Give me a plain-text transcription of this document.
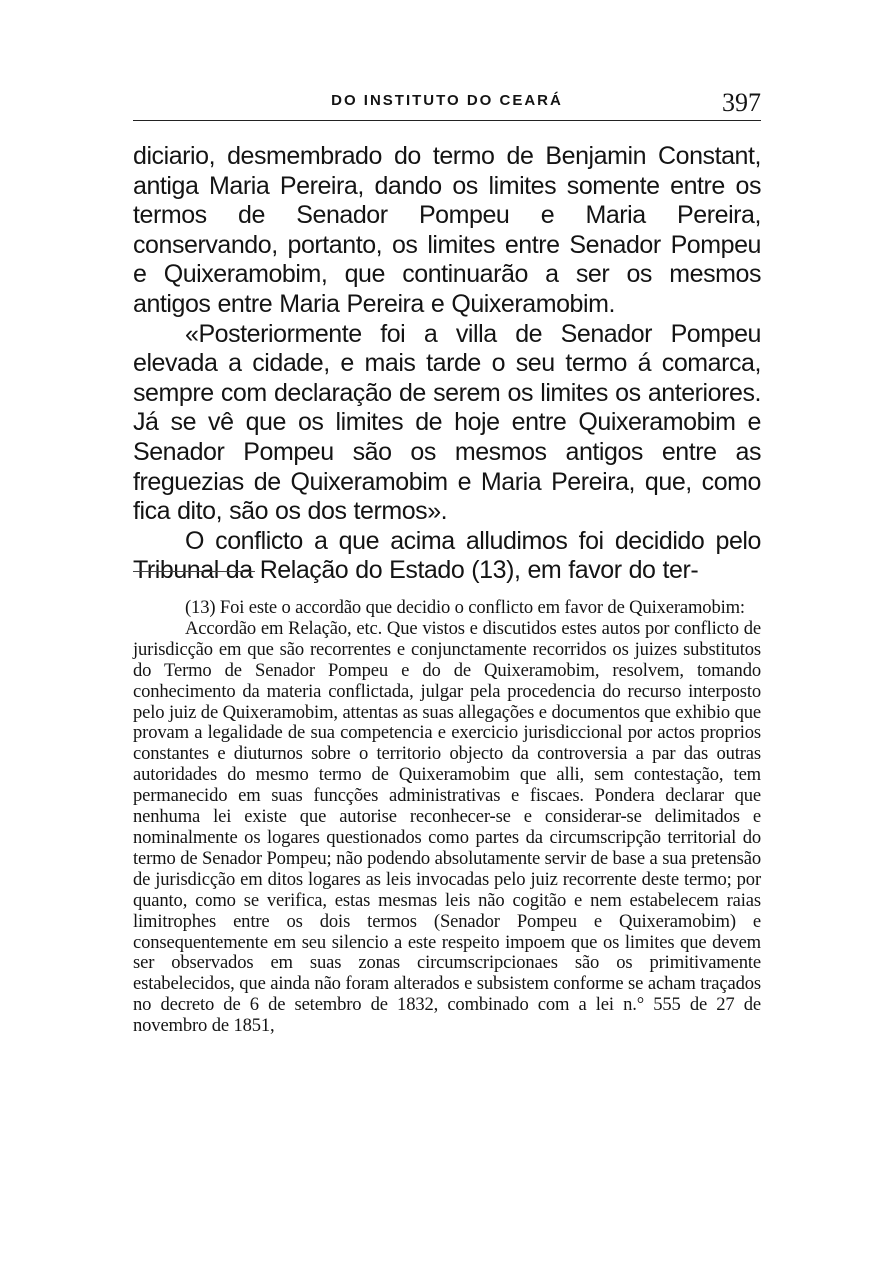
DO INSTITUTO DO CEARÁ	397

diciario, desmembrado do termo de Benjamin Constant, antiga Maria Pereira, dando os limites somente entre os termos de Senador Pompeu e Maria Pereira, conservando, portanto, os limites entre Senador Pompeu e Quixeramobim, que continuarão a ser os mesmos antigos entre Maria Pereira e Quixeramobim.

«Posteriormente foi a villa de Senador Pompeu elevada a cidade, e mais tarde o seu termo á comarca, sempre com declaração de serem os limites os anteriores. Já se vê que os limites de hoje entre Quixeramobim e Senador Pompeu são os mesmos antigos entre as freguezias de Quixeramobim e Maria Pereira, que, como fica dito, são os dos termos».

O conflicto a que acima alludimos foi decidido pelo Tribunal da Relação do Estado (13), em favor do ter-

(13) Foi este o accordão que decidio o conflicto em favor de Quixeramobim:

Accordão em Relação, etc. Que vistos e discutidos estes autos por conflicto de jurisdicção em que são recorrentes e conjunctamente recorridos os juizes substitutos do Termo de Senador Pompeu e do de Quixeramobim, resolvem, tomando conhecimento da materia conflictada, julgar pela procedencia do recurso interposto pelo juiz de Quixeramobim, attentas as suas allegações e documentos que exhibio que provam a legalidade de sua competencia e exercicio jurisdiccional por actos proprios constantes e diuturnos sobre o territorio objecto da controversia a par das outras autoridades do mesmo termo de Quixeramobim que alli, sem contestação, tem permanecido em suas funcções administrativas e fiscaes. Pondera declarar que nenhuma lei existe que autorise reconhecer-se e considerar-se delimitados e nominalmente os logares questionados como partes da circumscripção territorial do termo de Senador Pompeu; não podendo absolutamente servir de base a sua pretensão de jurisdicção em ditos logares as leis invocadas pelo juiz recorrente deste termo; por quanto, como se verifica, estas mesmas leis não cogitão e nem estabelecem raias limitrophes entre os dois termos (Senador Pompeu e Quixeramobim) e consequentemente em seu silencio a este respeito impoem que os limites que devem ser observados em suas zonas circumscripcionaes são os primitivamente estabelecidos, que ainda não foram alterados e subsistem conforme se acham traçados no decreto de 6 de setembro de 1832, combinado com a lei n.° 555 de 27 de novembro de 1851,
